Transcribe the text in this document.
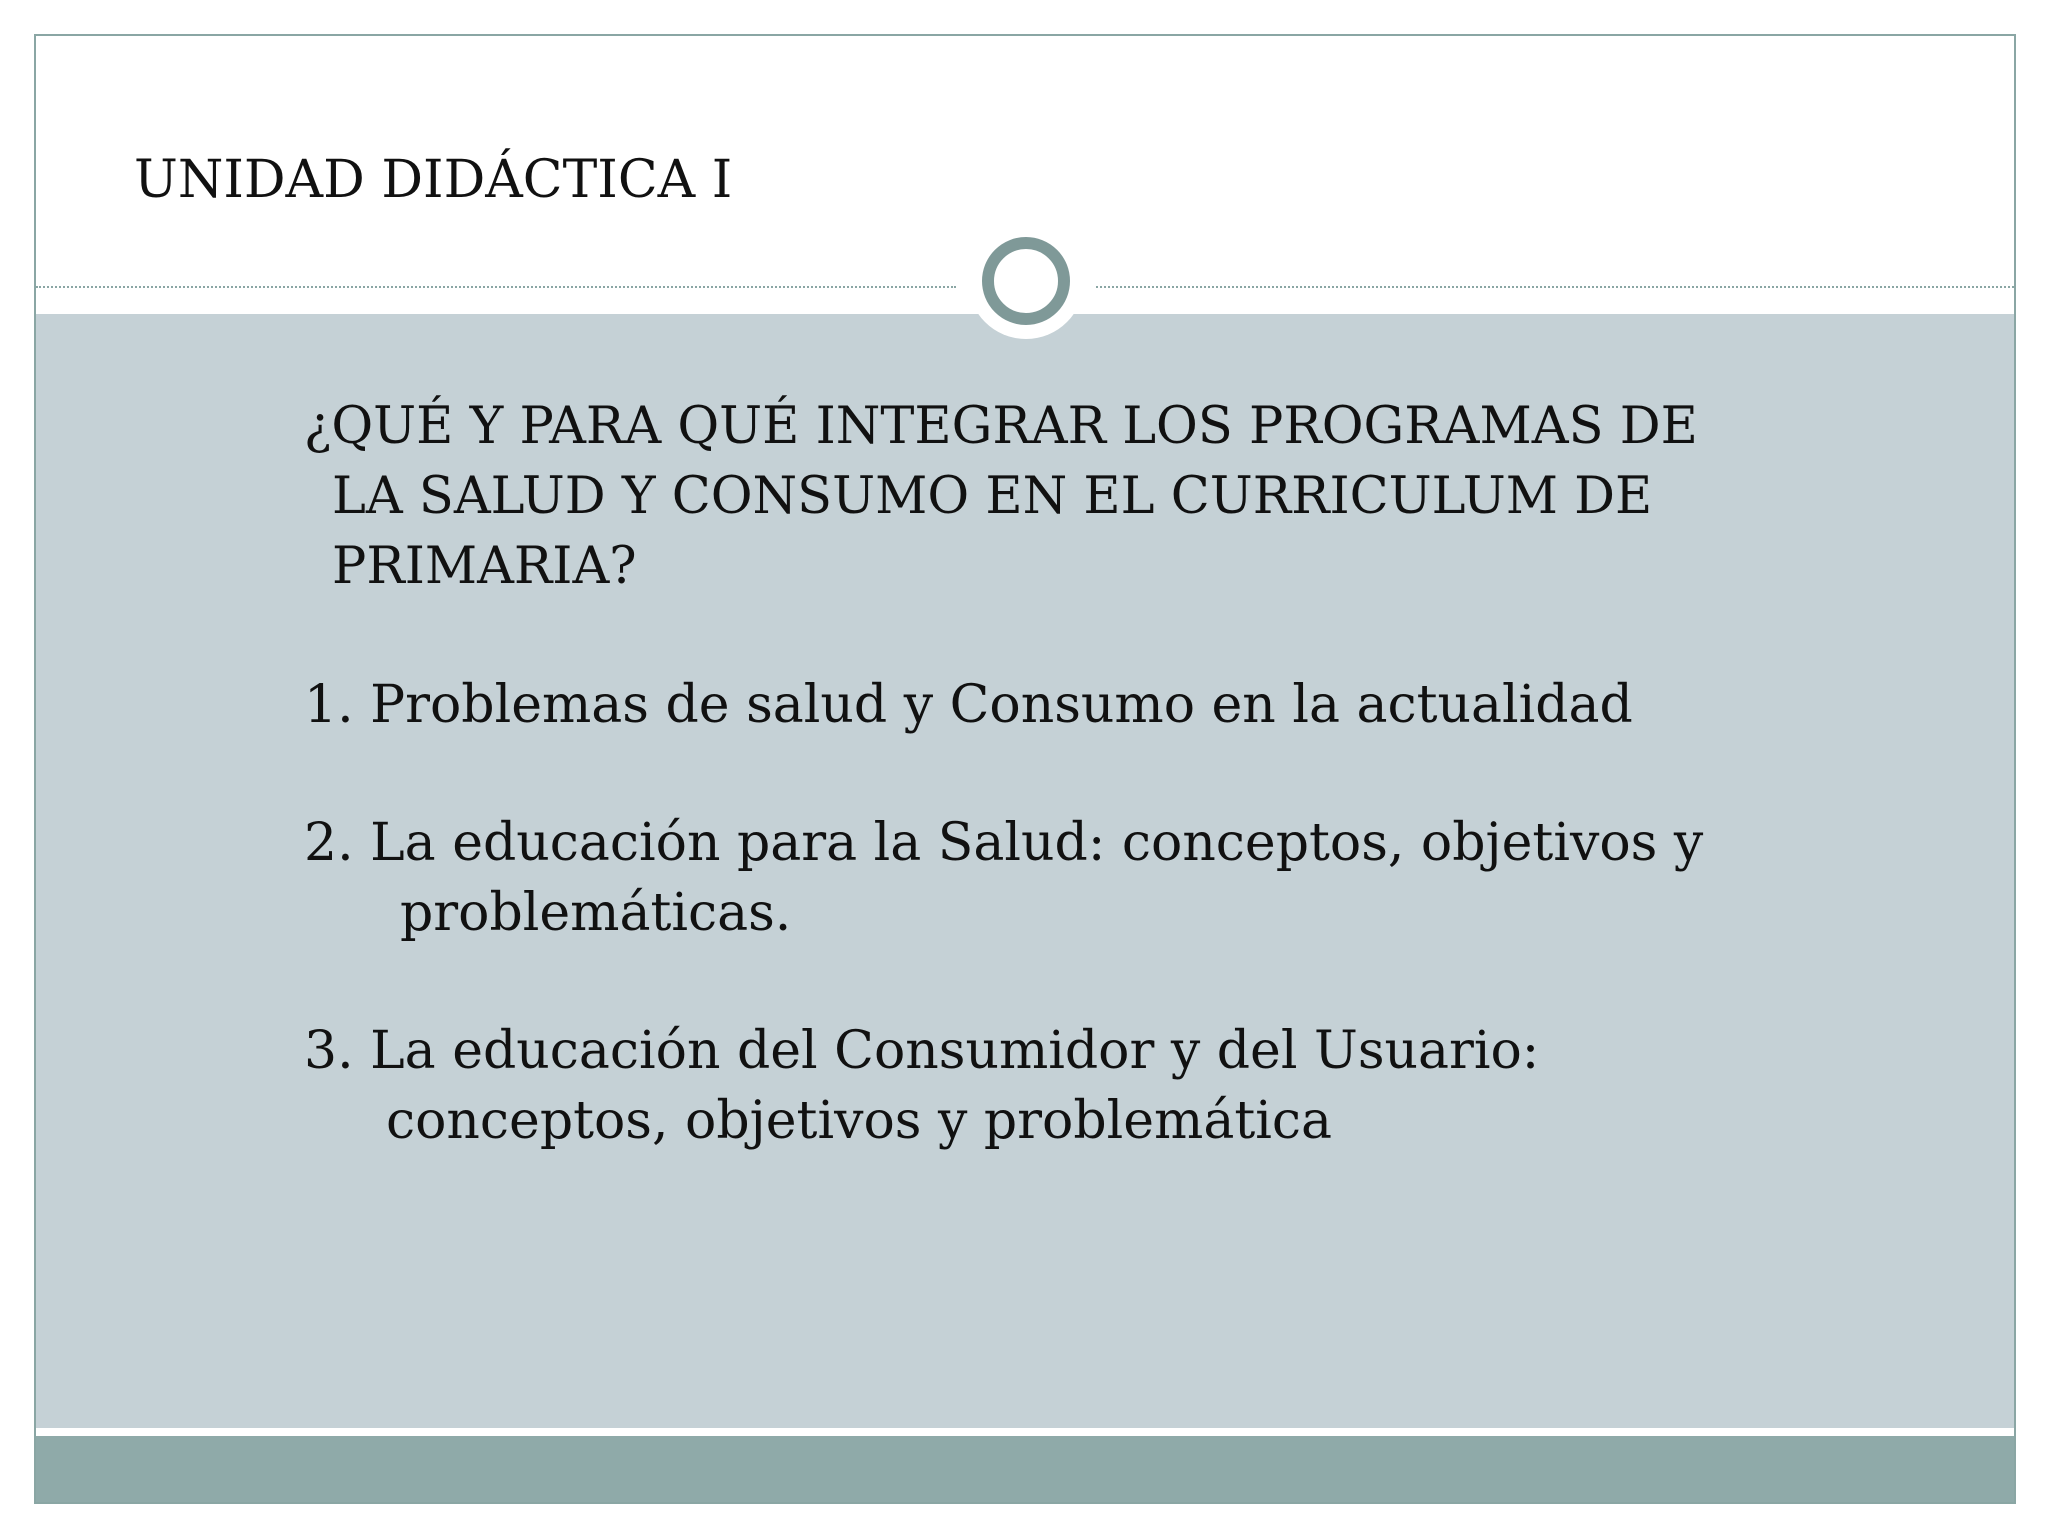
UNIDAD DIDÁCTICA I

¿QUÉ Y PARA QUÉ INTEGRAR LOS PROGRAMAS DE
LA SALUD Y CONSUMO EN EL CURRICULUM DE
PRIMARIA?

1. Problemas de salud y Consumo en la actualidad

2. La educación para la Salud: conceptos, objetivos y
problemáticas.

3. La educación del Consumidor y del Usuario:
conceptos, objetivos y problemática
